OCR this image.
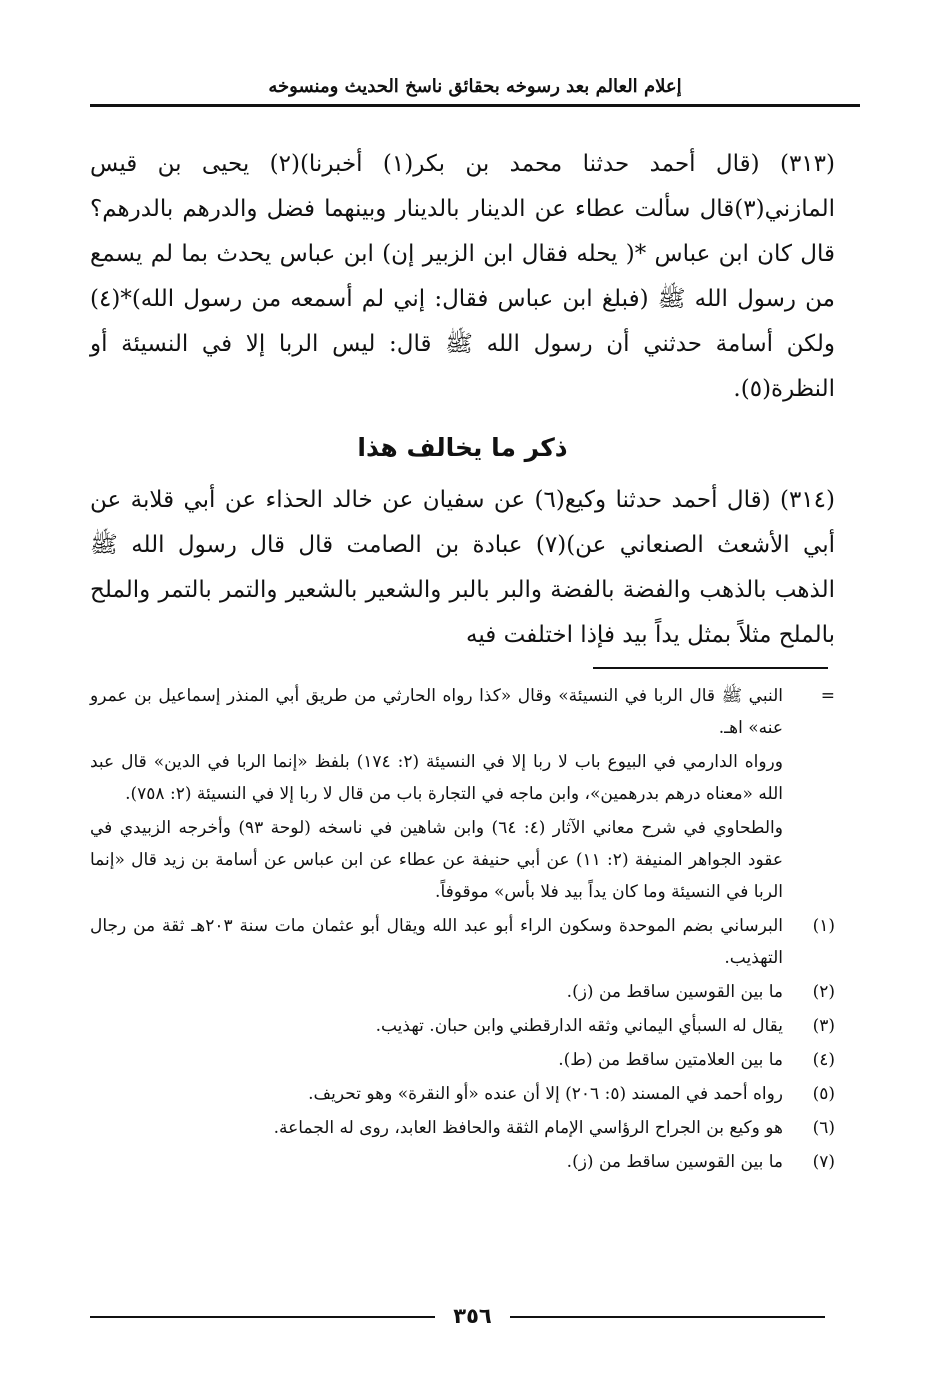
إعلام العالم بعد رسوخه بحقائق ناسخ الحديث ومنسوخه

(٣١٣) (قال أحمد حدثنا محمد بن بكر(١) أخبرنا)(٢) يحيى بن قيس المازني(٣)قال سألت عطاء عن الدينار بالدينار وبينهما فضل والدرهم بالدرهم؟ قال كان ابن عباس *( يحله فقال ابن الزبير إن) ابن عباس يحدث بما لم يسمع من رسول الله ﷺ (فبلغ ابن عباس فقال: إني لم أسمعه من رسول الله)*(٤) ولكن أسامة حدثني أن رسول الله ﷺ قال: ليس الربا إلا في النسيئة أو النظرة(٥).

ذكر ما يخالف هذا

(٣١٤) (قال أحمد حدثنا وكيع(٦) عن سفيان عن خالد الحذاء عن أبي قلابة عن أبي الأشعث الصنعاني عن)(٧) عبادة بن الصامت قال قال رسول الله ﷺ الذهب بالذهب والفضة بالفضة والبر بالبر والشعير بالشعير والتمر بالتمر والملح بالملح مثلاً بمثل يداً بيد فإذا اختلفت فيه

=
النبي ﷺ قال الربا في النسيئة» وقال «كذا رواه الحارثي من طريق أبي المنذر إسماعيل بن عمرو عنه» اهـ.
ورواه الدارمي في البيوع باب لا ربا إلا في النسيئة (٢: ١٧٤) بلفظ «إنما الربا في الدين» قال عبد الله «معناه درهم بدرهمين»، وابن ماجه في التجارة باب من قال لا ربا إلا في النسيئة (٢: ٧٥٨).
والطحاوي في شرح معاني الآثار (٤: ٦٤) وابن شاهين في ناسخه (لوحة ٩٣) وأخرجه الزبيدي في عقود الجواهر المنيفة (٢: ١١) عن أبي حنيفة عن عطاء عن ابن عباس عن أسامة بن زيد قال «إنما الربا في النسيئة وما كان يداً بيد فلا بأس» موقوفاً.
(١)
البرساني بضم الموحدة وسكون الراء أبو عبد الله ويقال أبو عثمان مات سنة ٢٠٣هـ ثقة من رجال التهذيب.
(٢)
ما بين القوسين ساقط من (ز).
(٣)
يقال له السبأي اليماني وثقه الدارقطني وابن حبان. تهذيب.
(٤)
ما بين العلامتين ساقط من (ط).
(٥)
رواه أحمد في المسند (٥: ٢٠٦) إلا أن عنده «أو النقرة» وهو تحريف.
(٦)
هو وكيع بن الجراح الرؤاسي الإمام الثقة والحافظ العابد، روى له الجماعة.
(٧)
ما بين القوسين ساقط من (ز).
٣٥٦
